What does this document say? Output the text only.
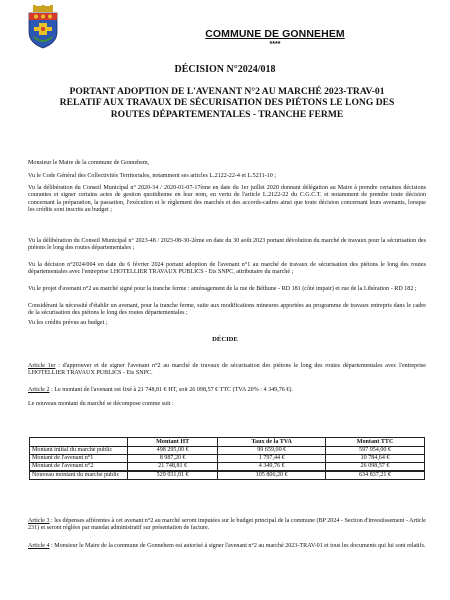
COMMUNE DE GONNEHEM
****
DÉCISION N°2024/018
PORTANT ADOPTION DE L'AVENANT N°2 AU MARCHÉ 2023-TRAV-01 RELATIF AUX TRAVAUX DE SÉCURISATION DES PIÉTONS LE LONG DES ROUTES DÉPARTEMENTALES - TRANCHE FERME
Monsieur le Maire de la commune de Gonnehem,
Vu le Code Général des Collectivités Territoriales, notamment ses articles L.2122-22-4 et L.5211-10 ;
Vu la délibération du Conseil Municipal n° 2020-34 / 2020-01-07-17ème en date du 1er juillet 2020 donnant délégation au Maire à prendre certaines décisions courantes et signer certains actes de gestion quotidienne en leur nom, en vertu de l'article L.2122-22 du C.G.C.T. et notamment de prendre toute décision concernant la préparation, la passation, l'exécution et le règlement des marchés et des accords-cadres ainsi que toute décision concernant leurs avenants, lorsque les crédits sont inscrits au budget ;
Vu la délibération du Conseil Municipal n° 2023-48 / 2023-08-30-2ème en date du 30 août 2023 portant dévolution du marché de travaux pour la sécurisation des piétons le long des routes départementales ;
Vu la décision n°2024/004 en date du 6 février 2024 portant adoption de l'avenant n°1 au marché de travaux de sécurisation des piétons le long des routes départementales avec l'entreprise LHOTELLIER TRAVAUX PUBLICS - Ets SNPC, attributaire du marché ;
Vu le projet d'avenant n°2 au marché signé pour la tranche ferme : aménagement de la rue de Béthune - RD 181 (côté impair) et rue de la Libération - RD 182 ;
Considérant la nécessité d'établir un avenant, pour la tranche ferme, suite aux modifications mineures apportées au programme de travaux entrepris dans le cadre de la sécurisation des piétons le long des routes départementales ;
Vu les crédits prévus au budget ;
DÉCIDE
Article 1er : d'approuver et de signer l'avenant n°2 au marché de travaux de sécurisation des piétons le long des routes départementales avec l'entreprise LHOTELLIER TRAVAUX PUBLICS - Ets SNPC.
Article 2 : Le montant de l'avenant est fixé à 21 748,81 € HT, soit 26 098,57 € TTC (TVA 20% : 4 349,76 €).
Le nouveau montant du marché se décompose comme suit :
	Montant HT	Taux de la TVA	Montant TTC
Montant initial du marché public	498 295,00 €	99 659,00 €	597 954,00 €
Montant de l'avenant n°1	8 987,20 €	1 797,44 €	10 784,64 €
Montant de l'avenant n°2	21 748,81 €	4 349,76 €	26 098,57 €
Nouveau montant du marché public	529 031,01 €	105 806,20 €	634 837,21 €
Article 3 : les dépenses afférentes à cet avenant n°2 au marché seront imputées sur le budget principal de la commune (BP 2024 - Section d'investissement - Article 231) et seront réglées par mandat administratif sur présentation de facture.
Article 4 : Monsieur le Maire de la commune de Gonnehem est autorisé à signer l'avenant n°2 au marché 2023-TRAV-01 et tous les documents qui lui sont relatifs.
